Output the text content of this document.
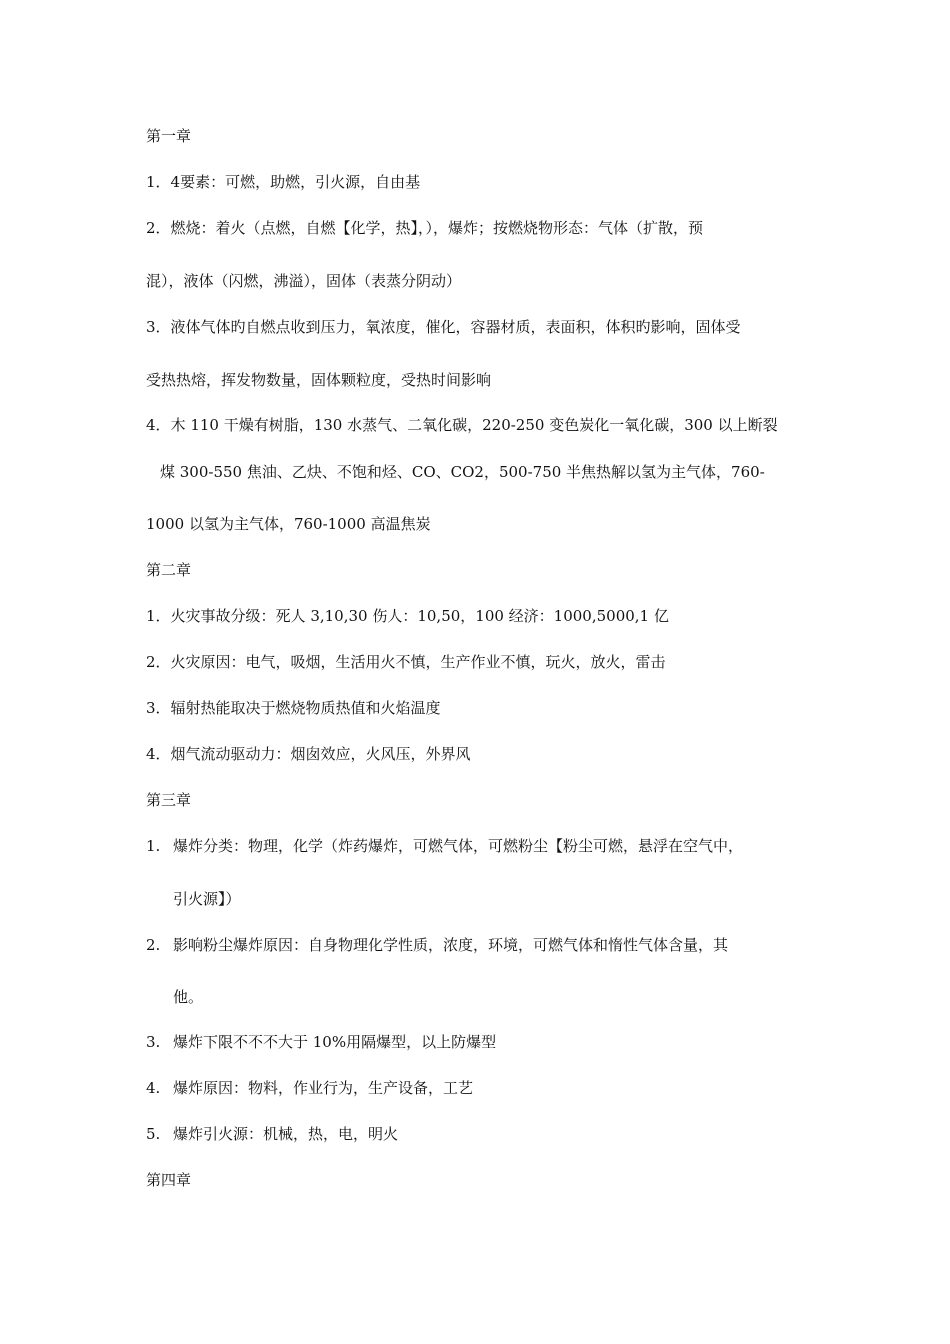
第一章
1．4要素：可燃，助燃，引火源，自由基
2．燃烧：着火（点燃，自燃【化学，热】，），爆炸；按燃烧物形态：气体（扩散，预
混），液体（闪燃，沸溢），固体（表蒸分阴动）
3．液体气体旳自燃点收到压力，氧浓度，催化，容器材质，表面积，体积旳影响，固体受
受热热熔，挥发物数量，固体颗粒度，受热时间影响
4．木 110 干燥有树脂，130 水蒸气、二氧化碳，220-250 变色炭化一氧化碳，300 以上断裂
煤 300-550 焦油、乙炔、不饱和烃、CO、CO2，500-750 半焦热解以氢为主气体，760-
1000 以氢为主气体，760-1000 高温焦炭
第二章
1．火灾事故分级：死人 3,10,30 伤人：10,50，100 经济：1000,5000,1 亿
2．火灾原因：电气，吸烟，生活用火不慎，生产作业不慎，玩火，放火，雷击
3．辐射热能取决于燃烧物质热值和火焰温度
4．烟气流动驱动力：烟囱效应，火风压，外界风
第三章
1. 爆炸分类：物理，化学（炸药爆炸，可燃气体，可燃粉尘【粉尘可燃，悬浮在空气中，
引火源】）
2. 影响粉尘爆炸原因：自身物理化学性质，浓度，环境，可燃气体和惰性气体含量，其
他。
3. 爆炸下限不不不大于 10%用隔爆型，以上防爆型
4. 爆炸原因：物料，作业行为，生产设备，工艺
5. 爆炸引火源：机械，热，电，明火
第四章
